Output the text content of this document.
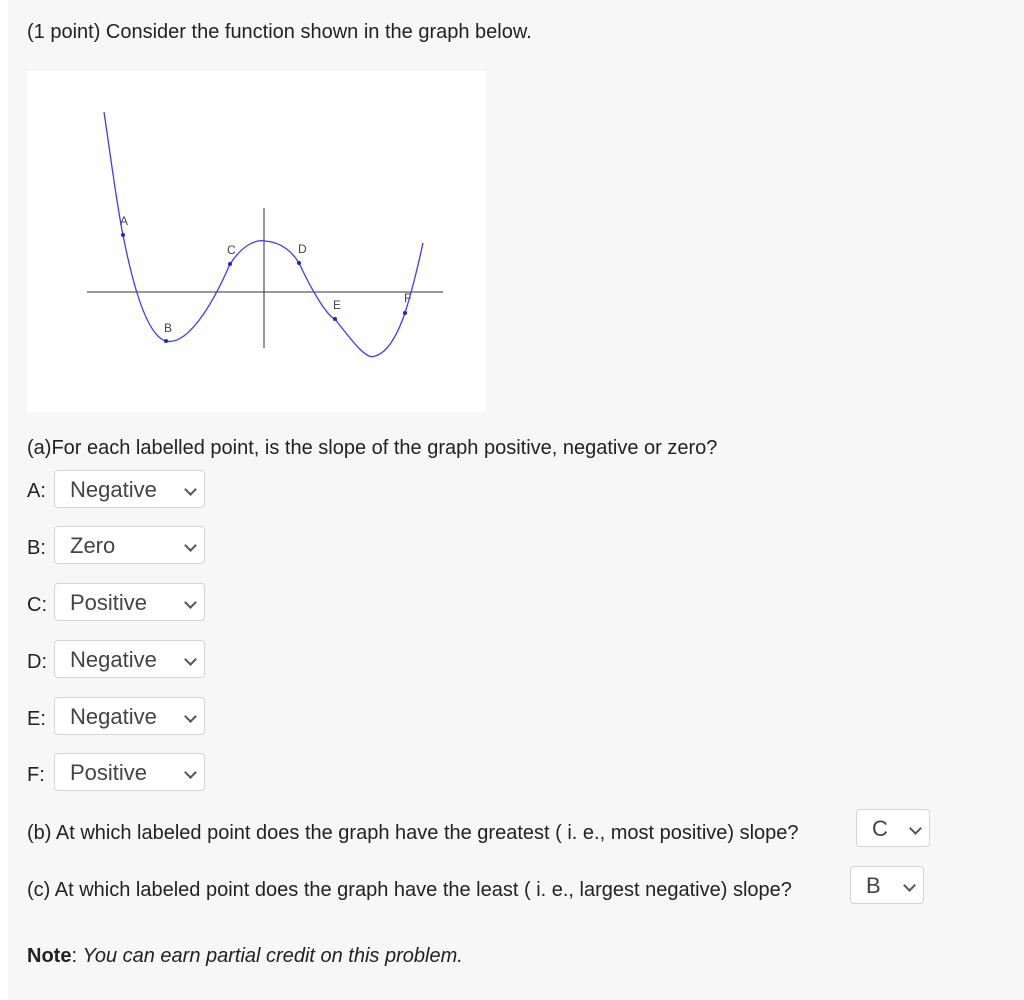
(1 point) Consider the function shown in the graph below.
A
B
C	D
E	F
(a)For each labelled point, is the slope of the graph positive, negative or zero?
A: Negative
B: Zero
C: Positive
D: Negative
E: Negative
F: Positive
(b) At which labeled point does the graph have the greatest ( i. e., most positive) slope?	C
(c) At which labeled point does the graph have the least ( i. e., largest negative) slope?	B
Note: You can earn partial credit on this problem.
